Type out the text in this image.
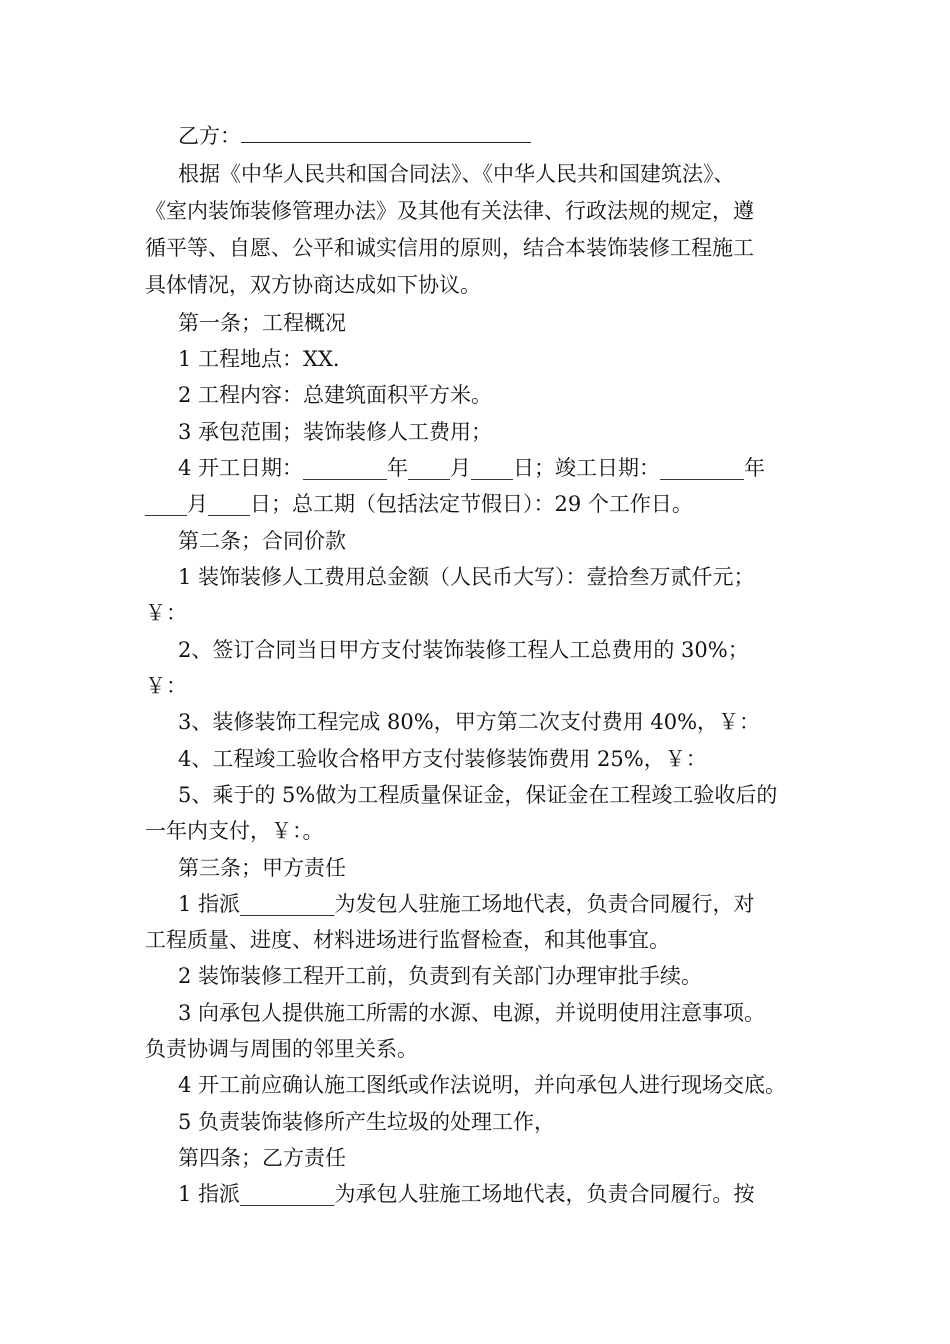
乙方：
根据《中华人民共和国合同法》、《中华人民共和国建筑法》、
《室内装饰装修管理办法》及其他有关法律、行政法规的规定，遵
循平等、自愿、公平和诚实信用的原则，结合本装饰装修工程施工
具体情况，双方协商达成如下协议。
第一条；工程概况
1 工程地点：XX.
2 工程内容：总建筑面积平方米。
3 承包范围；装饰装修人工费用；
4 开工日期：________年____月____日；竣工日期：________年
____月____日；总工期（包括法定节假日）：29 个工作日。
第二条；合同价款
1 装饰装修人工费用总金额（人民币大写）：壹拾叁万贰仟元；
￥：
2、签订合同当日甲方支付装饰装修工程人工总费用的 30%；
￥：
3、装修装饰工程完成 80%，甲方第二次支付费用 40%，￥：
4、工程竣工验收合格甲方支付装修装饰费用 25%，￥：
5、乘于的 5%做为工程质量保证金，保证金在工程竣工验收后的
一年内支付，￥：。
第三条；甲方责任
1 指派_________为发包人驻施工场地代表，负责合同履行，对
工程质量、进度、材料进场进行监督检查，和其他事宜。
2 装饰装修工程开工前，负责到有关部门办理审批手续。
3 向承包人提供施工所需的水源、电源，并说明使用注意事项。
负责协调与周围的邻里关系。
4 开工前应确认施工图纸或作法说明，并向承包人进行现场交底。
5 负责装饰装修所产生垃圾的处理工作，
第四条；乙方责任
1 指派_________为承包人驻施工场地代表，负责合同履行。按
